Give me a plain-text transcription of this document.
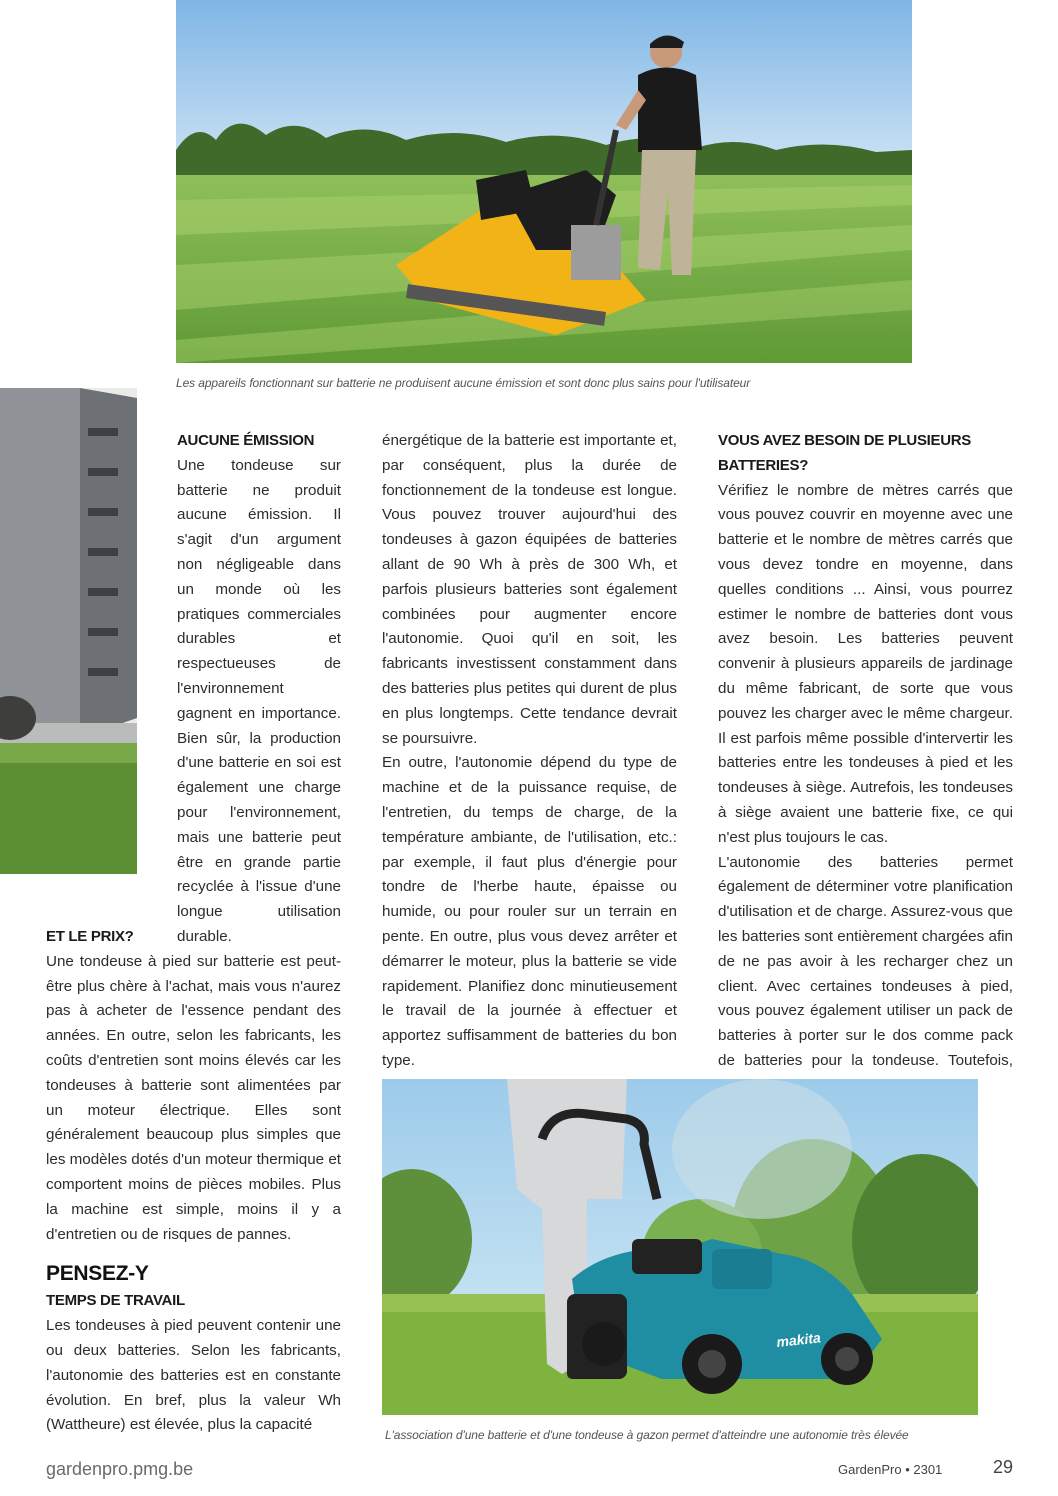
Les appareils fonctionnant sur batterie ne produisent aucune émission et sont donc plus sains pour l'utilisateur

AUCUNE ÉMISSION

Une tondeuse sur batterie ne produit aucune émission. Il s'agit d'un argument non négligeable dans un monde où les pratiques commerciales durables et respectueuses de l'environnement gagnent en importance. Bien sûr, la production d'une batterie en soi est également une charge pour l'environnement, mais une batterie peut être en grande partie recyclée à l'issue d'une longue utilisation durable.

énergétique de la batterie est importante et, par conséquent, plus la durée de fonctionnement de la tondeuse est longue. Vous pouvez trouver aujourd'hui des tondeuses à gazon équipées de batteries allant de 90 Wh à près de 300 Wh, et parfois plusieurs batteries sont également combinées pour augmenter encore l'autonomie. Quoi qu'il en soit, les fabricants investissent constamment dans des batteries plus petites qui durent de plus en plus longtemps. Cette tendance devrait se poursuivre.

En outre, l'autonomie dépend du type de machine et de la puissance requise, de l'entretien, du temps de charge, de la température ambiante, de l'utilisation, etc.: par exemple, il faut plus d'énergie pour tondre de l'herbe haute, épaisse ou humide, ou pour rouler sur un terrain en pente. En outre, plus vous devez arrêter et démarrer le moteur, plus la batterie se vide rapidement. Planifiez donc minutieusement le travail de la journée à effectuer et apportez suffisamment de batteries du bon type.

VOUS AVEZ BESOIN DE PLUSIEURS BATTERIES?

Vérifiez le nombre de mètres carrés que vous pouvez couvrir en moyenne avec une batterie et le nombre de mètres carrés que vous devez tondre en moyenne, dans quelles conditions ... Ainsi, vous pourrez estimer le nombre de batteries dont vous avez besoin. Les batteries peuvent convenir à plusieurs appareils de jardinage du même fabricant, de sorte que vous pouvez les charger avec le même chargeur. Il est parfois même possible d'intervertir les batteries entre les tondeuses à pied et les tondeuses à siège. Autrefois, les tondeuses à siège avaient une batterie fixe, ce qui n'est plus toujours le cas.

L'autonomie des batteries permet également de déterminer votre planification d'utilisation et de charge. Assurez-vous que les batteries sont entièrement chargées afin de ne pas avoir à les recharger chez un client. Avec certaines tondeuses à pied, vous pouvez également utiliser un pack de batteries à porter sur le dos comme pack de batteries pour la tondeuse. Toutefois,

ET LE PRIX?

Une tondeuse à pied sur batterie est peut-être plus chère à l'achat, mais vous n'aurez pas à acheter de l'essence pendant des années. En outre, selon les fabricants, les coûts d'entretien sont moins élevés car les tondeuses à batterie sont alimentées par un moteur électrique. Elles sont généralement beaucoup plus simples que les modèles dotés d'un moteur thermique et comportent moins de pièces mobiles. Plus la machine est simple, moins il y a d'entretien ou de risques de pannes.

PENSEZ-Y

TEMPS DE TRAVAIL

Les tondeuses à pied peuvent contenir une ou deux batteries. Selon les fabricants, l'autonomie des batteries est en constante évolution. En bref, plus la valeur Wh (Wattheure) est élevée, plus la capacité

makita
L'association d'une batterie et d'une tondeuse à gazon permet d'atteindre une autonomie très élevée
gardenpro.pmg.be	GardenPro • 2301	29
